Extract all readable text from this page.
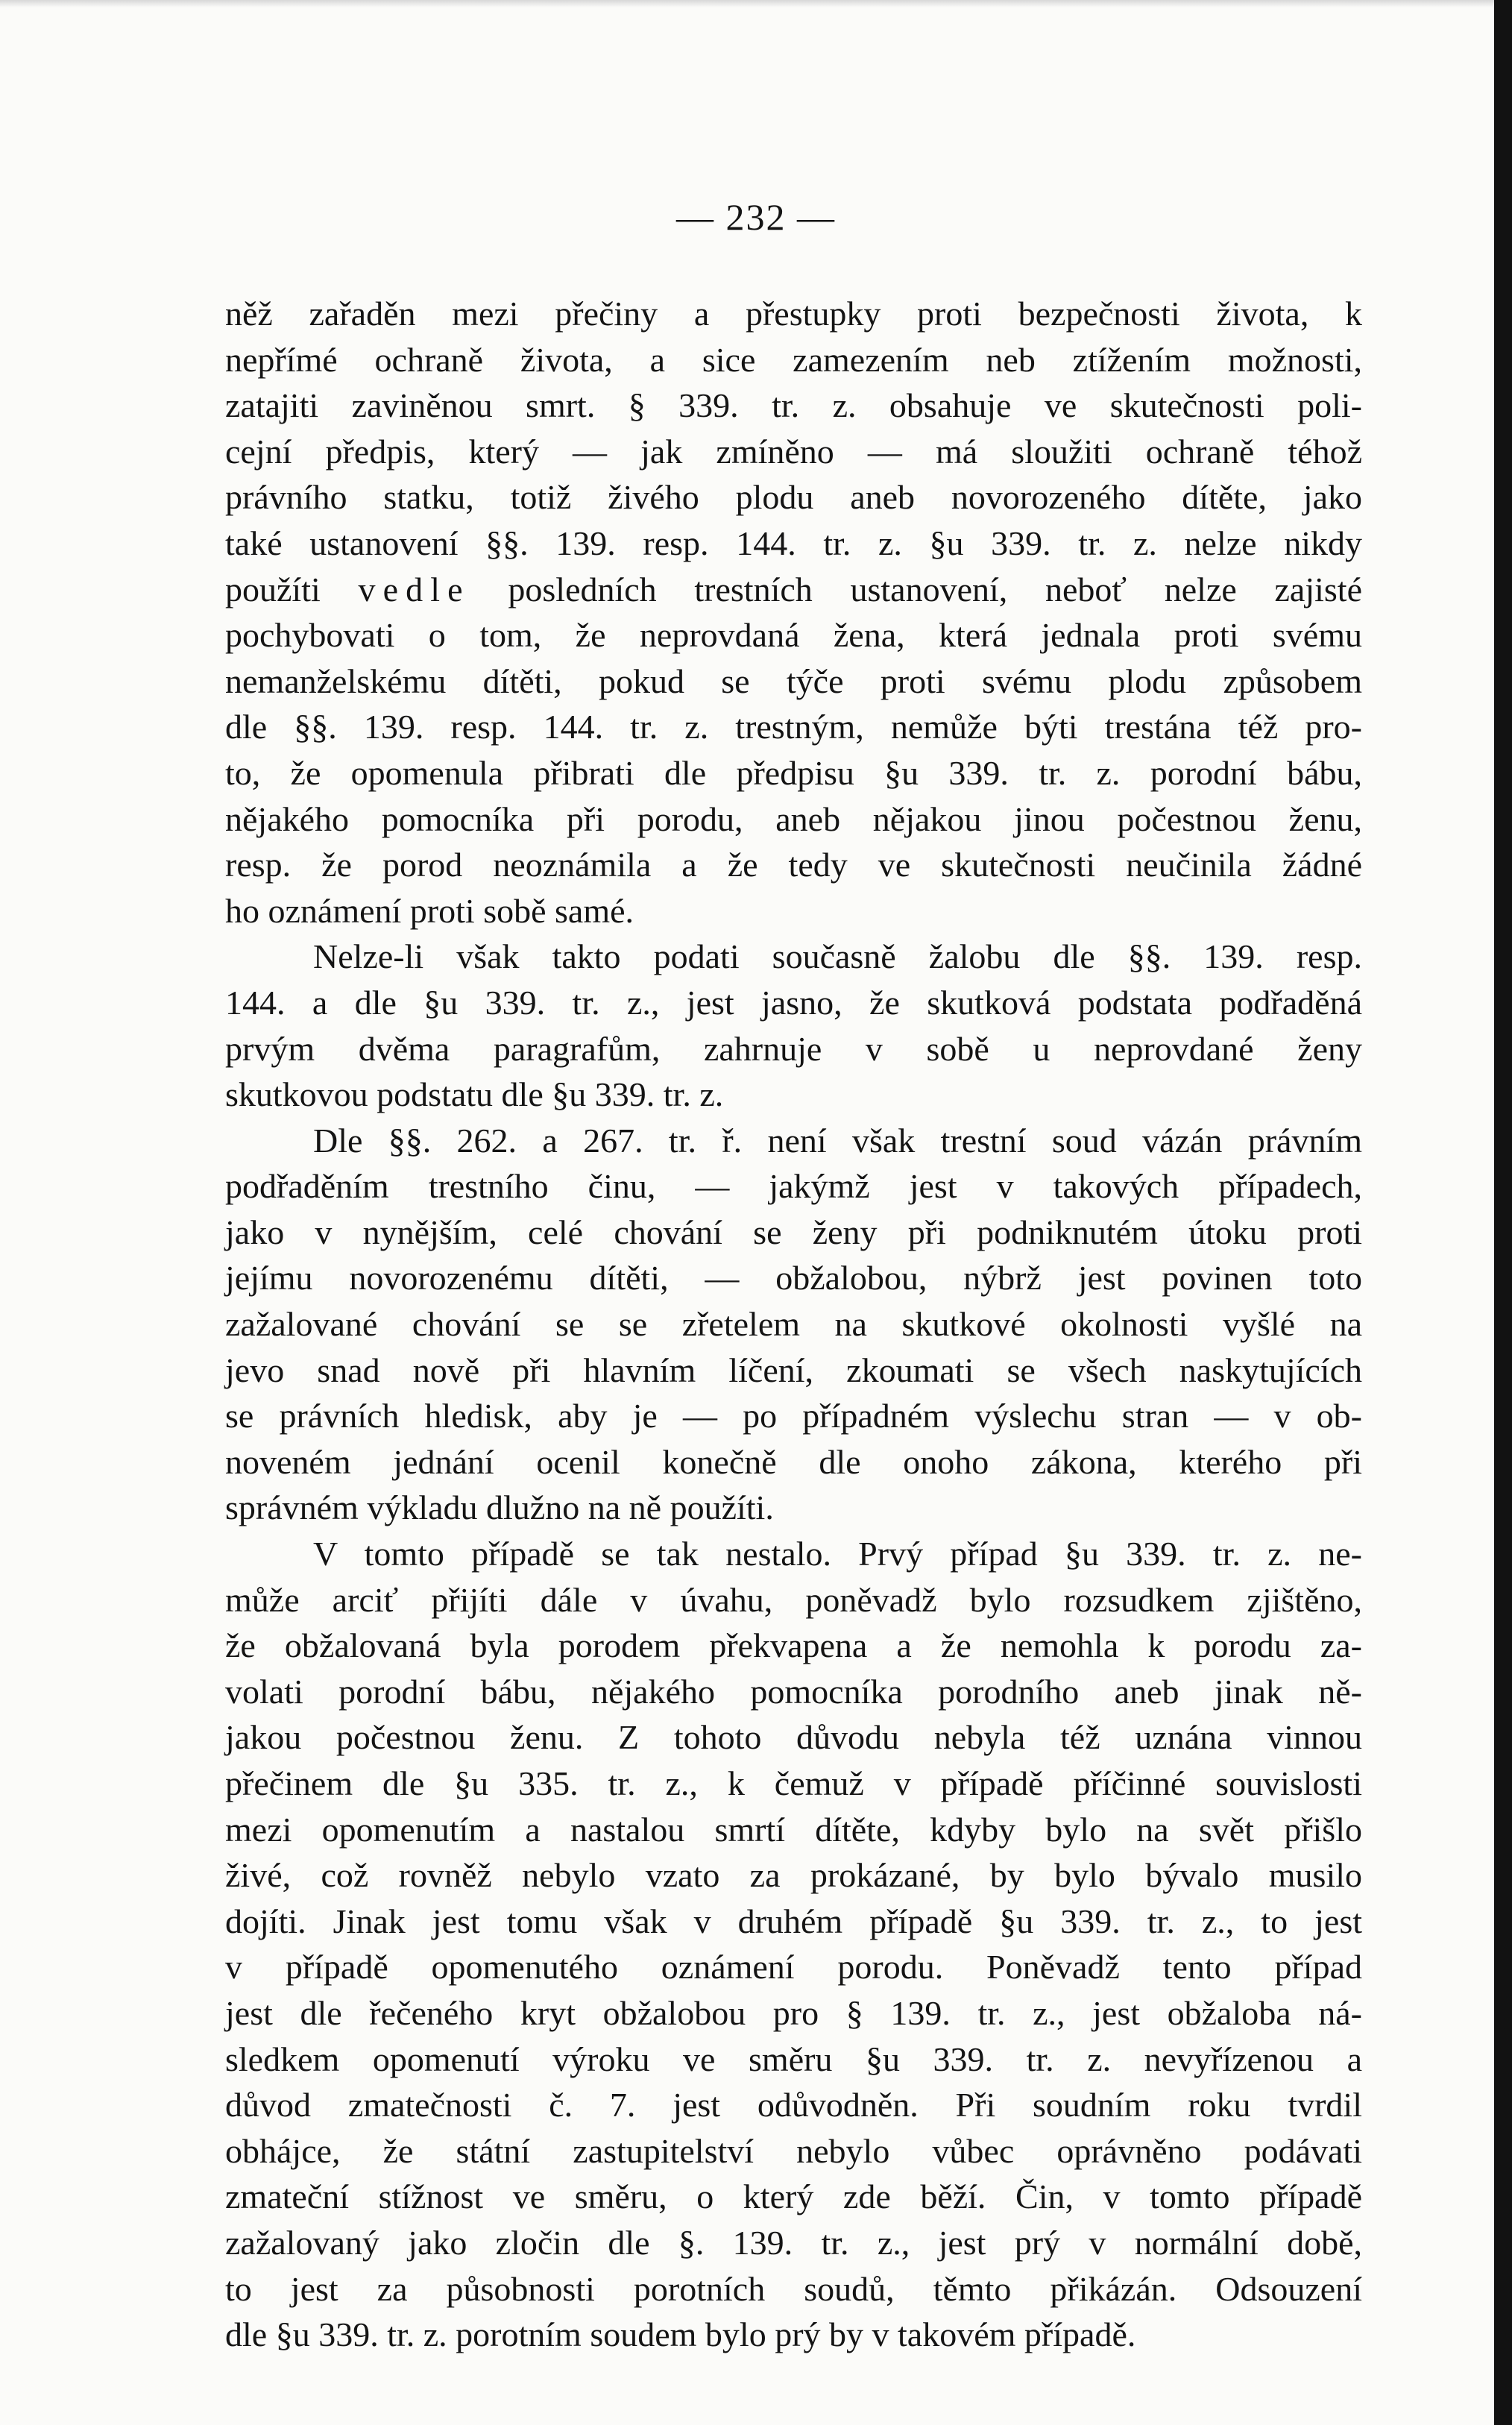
— 232 —
něž zařaděn mezi přečiny a přestupky proti bezpečnosti života, k
nepřímé ochraně života, a sice zamezením neb ztížením možnosti,
zatajiti zaviněnou smrt. § 339. tr. z. obsahuje ve skutečnosti poli-
cejní předpis, který — jak zmíněno — má sloužiti ochraně téhož
právního statku, totiž živého plodu aneb novorozeného dítěte, jako
také ustanovení §§. 139. resp. 144. tr. z. §u 339. tr. z. nelze nikdy
použíti vedle posledních trestních ustanovení, neboť nelze zajisté
pochybovati o tom, že neprovdaná žena, která jednala proti svému
nemanželskému dítěti, pokud se týče proti svému plodu způsobem
dle §§. 139. resp. 144. tr. z. trestným, nemůže býti trestána též pro-
to, že opomenula přibrati dle předpisu §u 339. tr. z. porodní bábu,
nějakého pomocníka při porodu, aneb nějakou jinou počestnou ženu,
resp. že porod neoznámila a že tedy ve skutečnosti neučinila žádné
ho oznámení proti sobě samé.
Nelze-li však takto podati současně žalobu dle §§. 139. resp.
144. a dle §u 339. tr. z., jest jasno, že skutková podstata podřaděná
prvým dvěma paragrafům, zahrnuje v sobě u neprovdané ženy
skutkovou podstatu dle §u 339. tr. z.
Dle §§. 262. a 267. tr. ř. není však trestní soud vázán právním
podřaděním trestního činu, — jakýmž jest v takových případech,
jako v nynějším, celé chování se ženy při podniknutém útoku proti
jejímu novorozenému dítěti, — obžalobou, nýbrž jest povinen toto
zažalované chování se se zřetelem na skutkové okolnosti vyšlé na
jevo snad nově při hlavním líčení, zkoumati se všech naskytujících
se právních hledisk, aby je — po případném výslechu stran — v ob-
noveném jednání ocenil konečně dle onoho zákona, kterého při
správném výkladu dlužno na ně použíti.
V tomto případě se tak nestalo. Prvý případ §u 339. tr. z. ne-
může arciť přijíti dále v úvahu, poněvadž bylo rozsudkem zjištěno,
že obžalovaná byla porodem překvapena a že nemohla k porodu za-
volati porodní bábu, nějakého pomocníka porodního aneb jinak ně-
jakou počestnou ženu. Z tohoto důvodu nebyla též uznána vinnou
přečinem dle §u 335. tr. z., k čemuž v případě příčinné souvislosti
mezi opomenutím a nastalou smrtí dítěte, kdyby bylo na svět přišlo
živé, což rovněž nebylo vzato za prokázané, by bylo bývalo musilo
dojíti. Jinak jest tomu však v druhém případě §u 339. tr. z., to jest
v případě opomenutého oznámení porodu. Poněvadž tento případ
jest dle řečeného kryt obžalobou pro § 139. tr. z., jest obžaloba ná-
sledkem opomenutí výroku ve směru §u 339. tr. z. nevyřízenou a
důvod zmatečnosti č. 7. jest odůvodněn. Při soudním roku tvrdil
obhájce, že státní zastupitelství nebylo vůbec oprávněno podávati
zmateční stížnost ve směru, o který zde běží. Čin, v tomto případě
zažalovaný jako zločin dle §. 139. tr. z., jest prý v normální době,
to jest za působnosti porotních soudů, těmto přikázán. Odsouzení
dle §u 339. tr. z. porotním soudem bylo prý by v takovém případě.
